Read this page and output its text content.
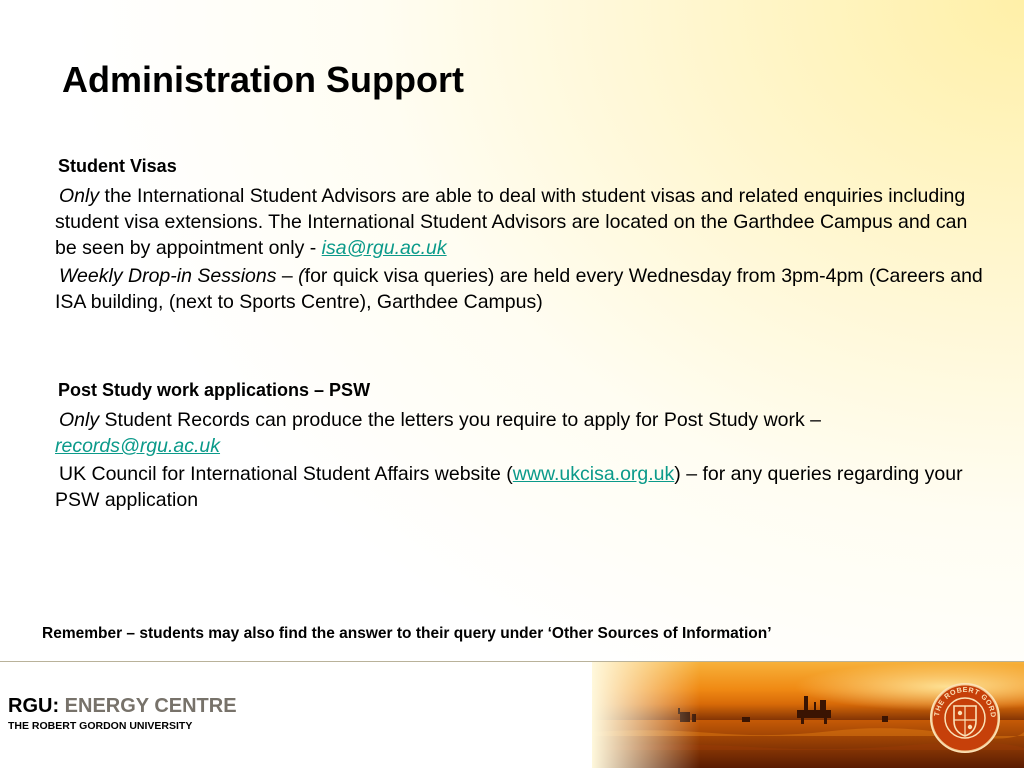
Administration Support
Student Visas

Only the International Student Advisors are able to deal with student visas and related enquiries including student visa extensions. The International Student Advisors are located on the Garthdee Campus and can be seen by appointment only - isa@rgu.ac.uk

Weekly Drop-in Sessions – (for quick visa queries) are held every Wednesday from 3pm-4pm (Careers and ISA building, (next to Sports Centre), Garthdee Campus)

Post Study work applications – PSW

Only Student Records can produce the letters you require to apply for Post Study work – records@rgu.ac.uk

UK Council for International Student Affairs website (www.ukcisa.org.uk) – for any queries regarding your PSW application

Remember – students may also find the answer to their query under ‘Other Sources of Information’
RGU: ENERGY CENTRE
THE ROBERT GORDON UNIVERSITY
THE ROBERT GORD
